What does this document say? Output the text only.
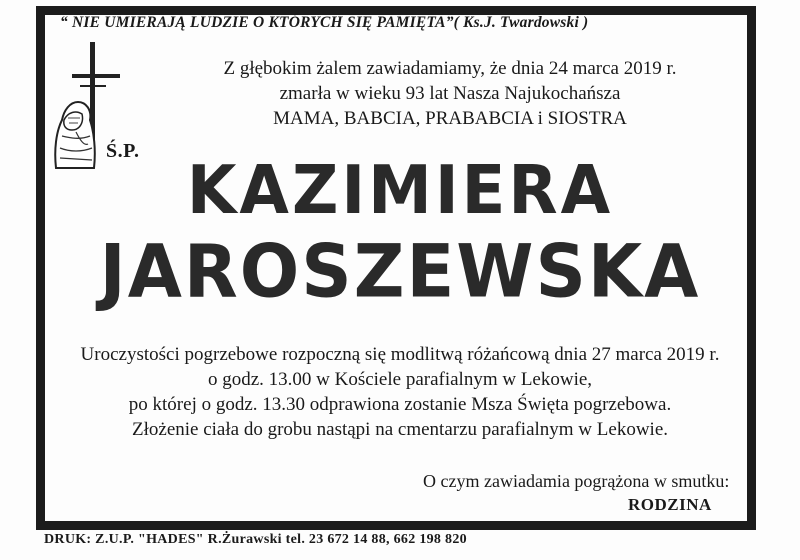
“ NIE UMIERAJĄ LUDZIE O KTÓRYCH SIĘ PAMIĘTA”( Ks.J. Twardowski )
Ś.P.
Z głębokim żalem zawiadamiamy, że dnia 24 marca 2019 r.
zmarła w wieku 93 lat Nasza Najukochańsza
MAMA, BABCIA, PRABABCIA i SIOSTRA
KAZIMIERA
JAROSZEWSKA
Uroczystości pogrzebowe rozpoczną się modlitwą różańcową dnia 27 marca 2019 r.
o godz. 13.00 w Kościele parafialnym w Lekowie,
po której o godz. 13.30 odprawiona zostanie Msza Święta pogrzebowa.
Złożenie ciała do grobu nastąpi na cmentarzu parafialnym w Lekowie.
O czym zawiadamia pogrążona w smutku:
RODZINA
DRUK: Z.U.P. "HADES" R.Żurawski tel. 23 672 14 88, 662 198 820
